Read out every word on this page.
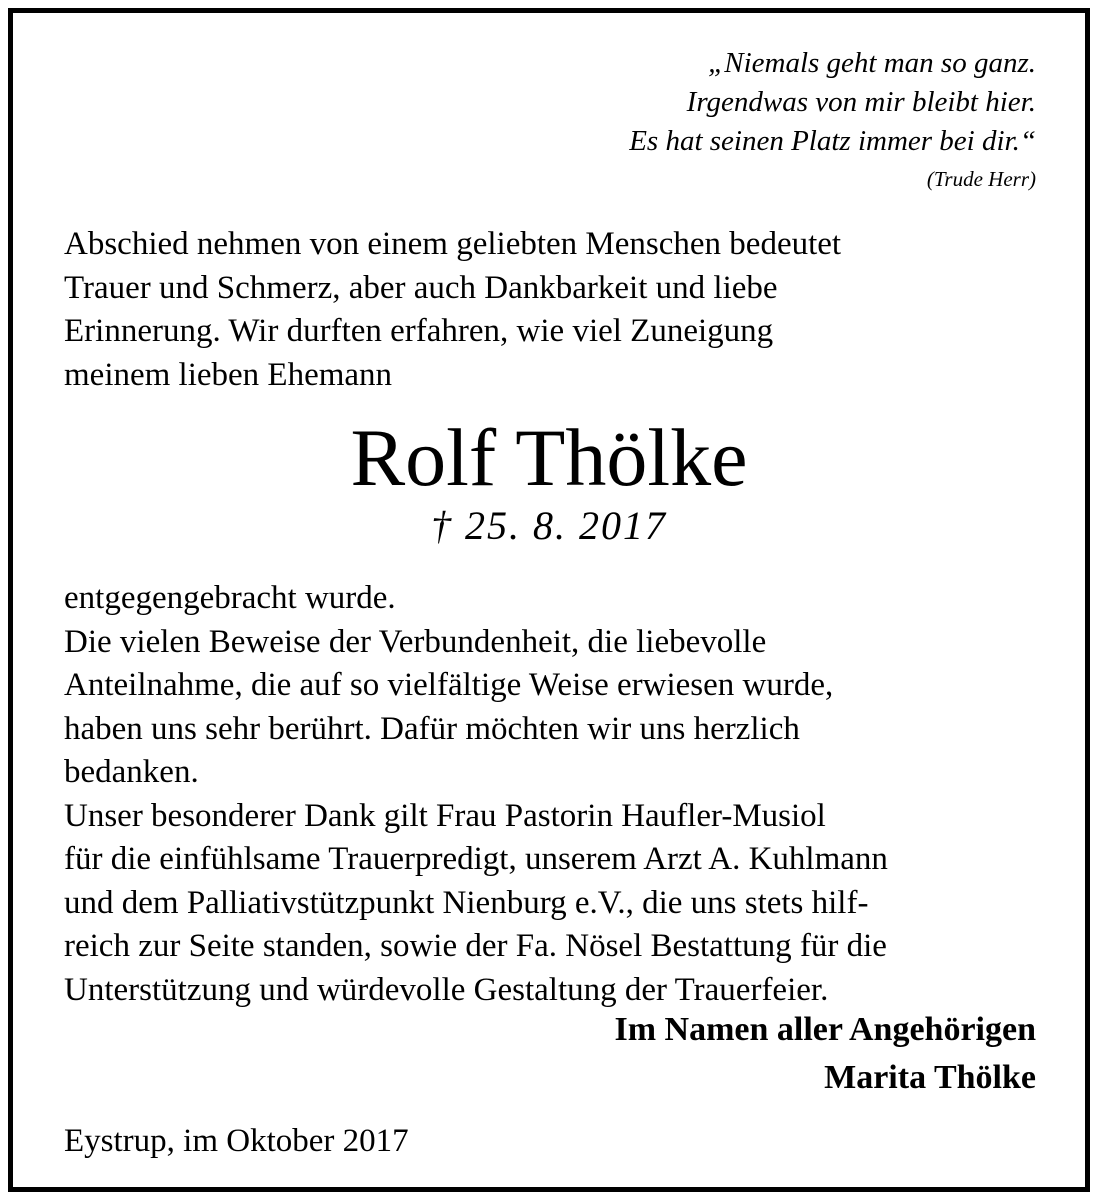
„Niemals geht man so ganz.
Irgendwas von mir bleibt hier.
Es hat seinen Platz immer bei dir.“
(Trude Herr)
Abschied nehmen von einem geliebten Menschen bedeutet
Trauer und Schmerz, aber auch Dankbarkeit und liebe
Erinnerung. Wir durften erfahren, wie viel Zuneigung
meinem lieben Ehemann
Rolf Thölke
† 25. 8. 2017
entgegengebracht wurde.
Die vielen Beweise der Verbundenheit, die liebevolle
Anteilnahme, die auf so vielfältige Weise erwiesen wurde,
haben uns sehr berührt. Dafür möchten wir uns herzlich
bedanken.
Unser besonderer Dank gilt Frau Pastorin Haufler-Musiol
für die einfühlsame Trauerpredigt, unserem Arzt A. Kuhlmann
und dem Palliativstützpunkt Nienburg e.V., die uns stets hilf-
reich zur Seite standen, sowie der Fa. Nösel Bestattung für die
Unterstützung und würdevolle Gestaltung der Trauerfeier.
Im Namen aller Angehörigen
Marita Thölke
Eystrup, im Oktober 2017
